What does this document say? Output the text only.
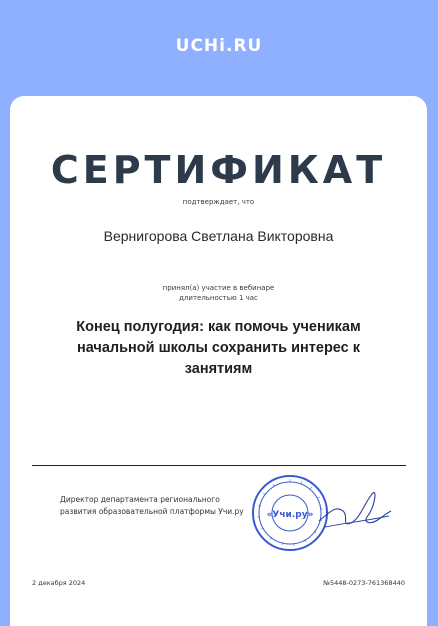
UCHi.RU
СЕРТИФИКАТ
подтверждает, что
Вернигорова Светлана Викторовна
принял(а) участие в вебинаре
длительностью 1 час
Конец полугодия: как помочь ученикам начальной школы сохранить интерес к занятиям
Директор департамента регионального
развития образовательной платформы Учи.ру	«Учи.ру»
2 декабря 2024	№5448-0273-761368440
